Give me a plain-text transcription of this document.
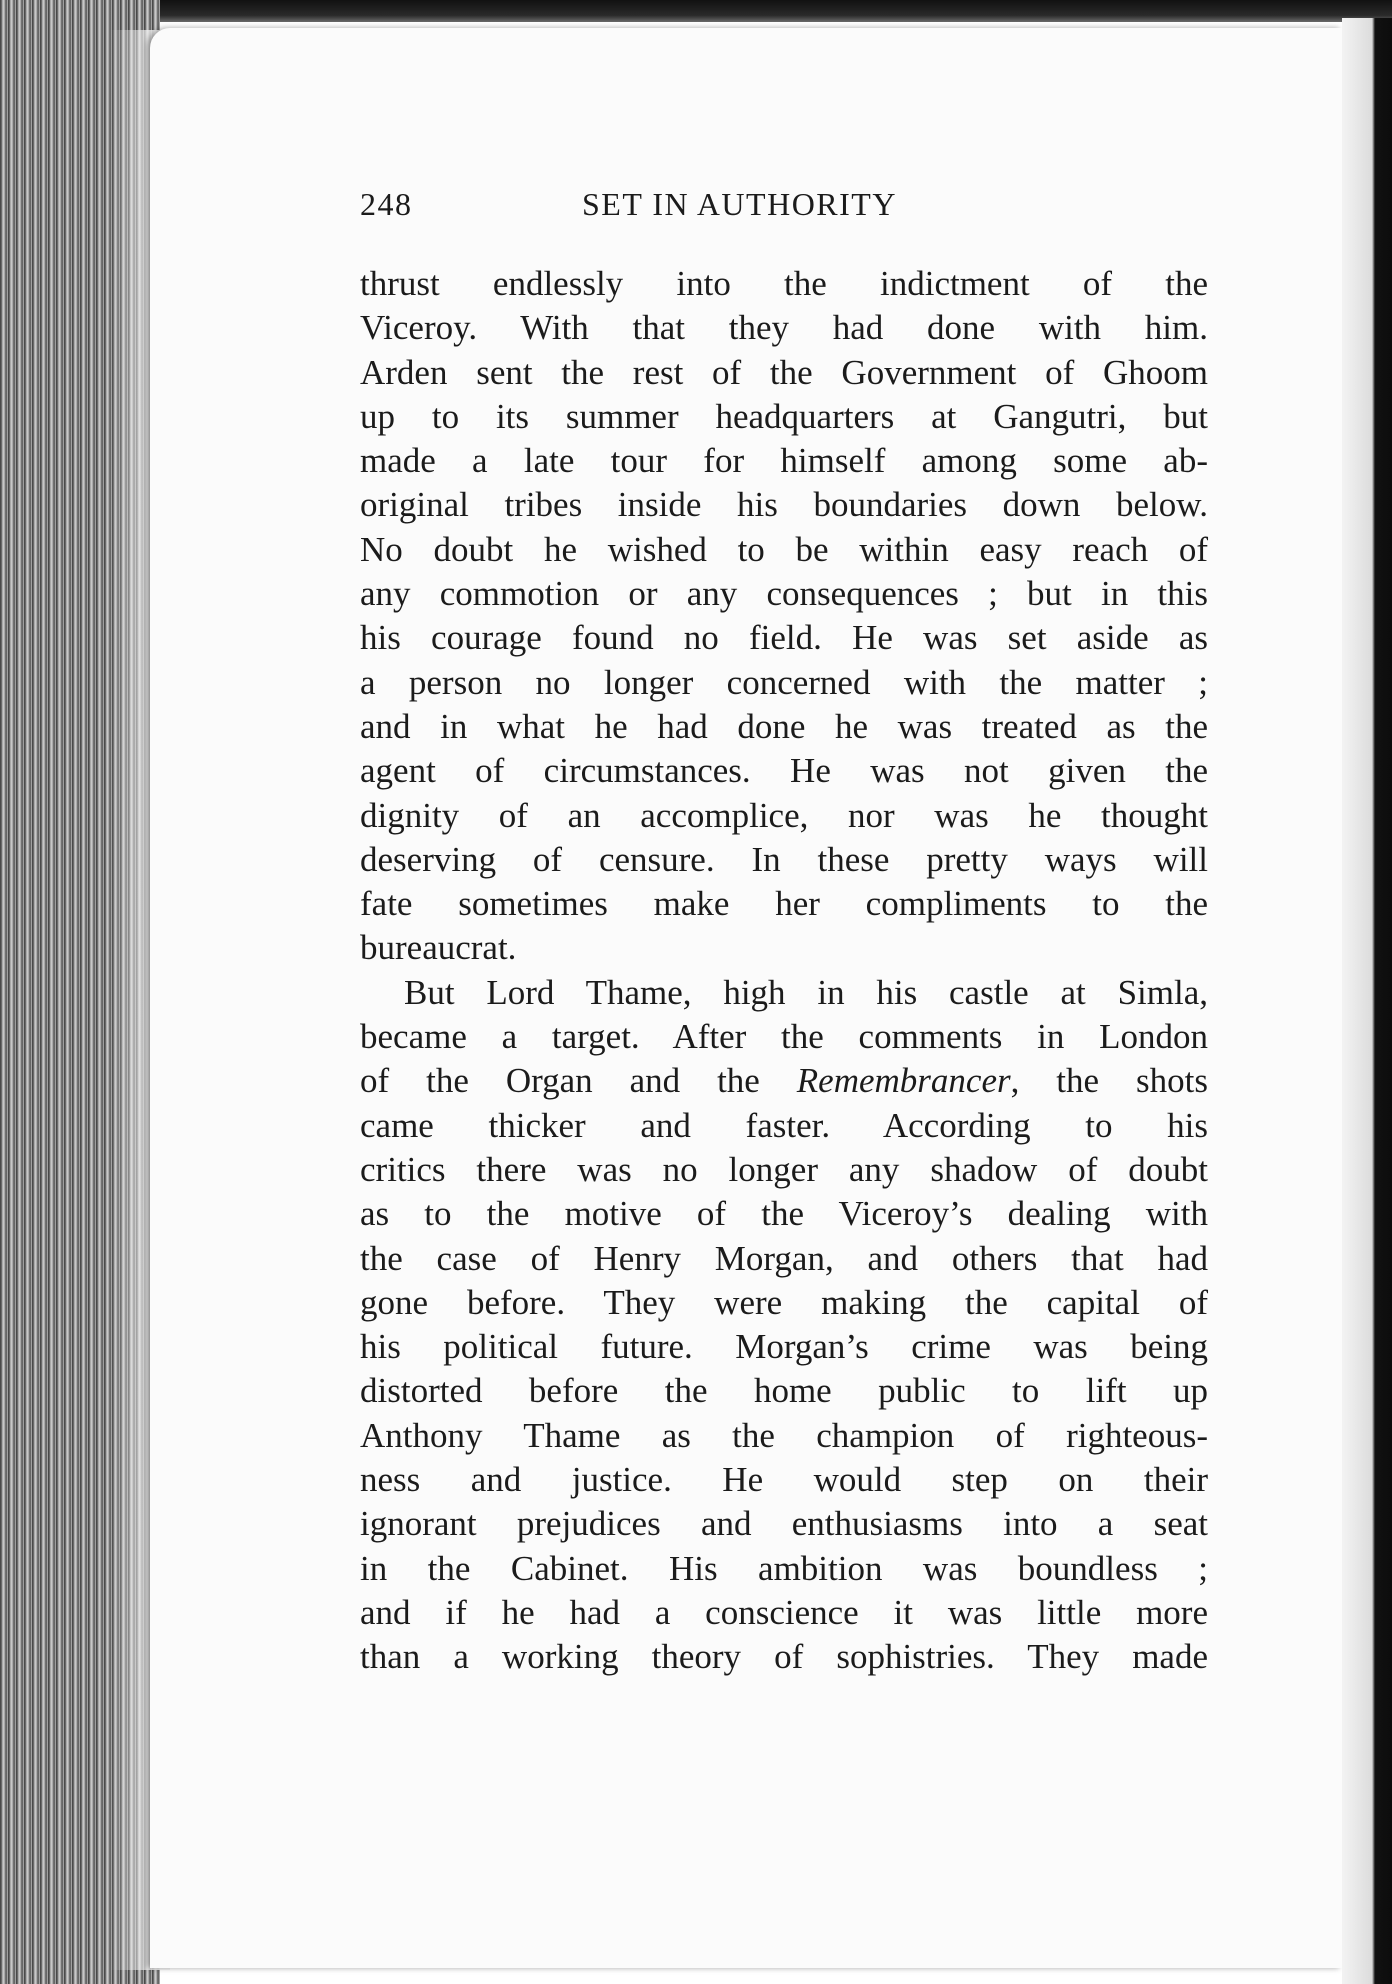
248	SET IN AUTHORITY
thrust endlessly into the indictment of the
Viceroy. With that they had done with him.
Arden sent the rest of the Government of Ghoom
up to its summer headquarters at Gangutri, but
made a late tour for himself among some ab-
original tribes inside his boundaries down below.
No doubt he wished to be within easy reach of
any commotion or any consequences ; but in this
his courage found no field. He was set aside as
a person no longer concerned with the matter ;
and in what he had done he was treated as the
agent of circumstances. He was not given the
dignity of an accomplice, nor was he thought
deserving of censure. In these pretty ways will
fate sometimes make her compliments to the
bureaucrat.
But Lord Thame, high in his castle at Simla,
became a target. After the comments in London
of the Organ and the Remembrancer, the shots
came thicker and faster. According to his
critics there was no longer any shadow of doubt
as to the motive of the Viceroy’s dealing with
the case of Henry Morgan, and others that had
gone before. They were making the capital of
his political future. Morgan’s crime was being
distorted before the home public to lift up
Anthony Thame as the champion of righteous-
ness and justice. He would step on their
ignorant prejudices and enthusiasms into a seat
in the Cabinet. His ambition was boundless ;
and if he had a conscience it was little more
than a working theory of sophistries. They made
